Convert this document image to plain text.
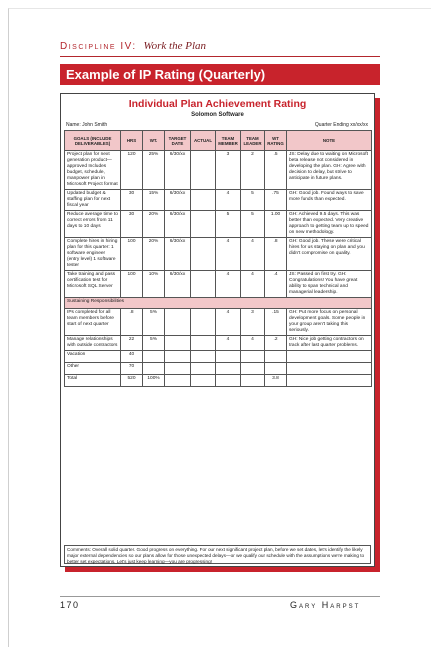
Discipline IV: Work the Plan
Example of IP Rating (Quarterly)
Individual Plan Achievement Rating
Solomon Software
Name: John Smith	Quarter Ending xx/xx/xx
GOALS (INCLUDE DELIVERABLES)	HRS	WT.	TARGET DATE	ACTUAL	TEAM MEMBER	TEAM LEADER	WT RATING	NOTE
Project plan for next generation product—approved Includes budget, schedule, manpower plan in Microsoft Project format	120	25%	6/30/xx		3	2	.5	JS: Delay due to waiting on Microsoft beta release not considered in developing the plan. GH: Agree with decision to delay, but strive to anticipate in future plans.
Updated budget & staffing plan for next fiscal year	30	15%	6/30/xx		4	5	.75	GH: Good job. Found ways to save more funds than expected.
Reduce average time to correct errors from 11 days to 10 days	30	20%	6/30/xx		5	5	1.00	GH: Achieved 9.5 days. This was better than expected. Very creative approach to getting team up to speed on new methodology.
Complete hires in hiring plan for this quarter: 1 software engineer (entry level) 1 software tester	100	20%	6/30/xx		4	4	.8	GH: Good job. These were critical hires for us staying on plan and you didn't compromise on quality.
Take training and pass certification test for Microsoft SQL Server	100	10%	6/30/xx		4	4	.4	JS: Passed on first try. GH: Congratulations! You have great ability to span technical and managerial leadership.
Sustaining Responsibilities								
IPs completed for all team members before start of next quarter	.8	5%			4	3	.15	GH: Put more focus on personal development goals. Some people in your group aren't taking this seriously.
Manage relationships with outside contractors	22	5%			4	4	.2	GH: Nice job getting contractors on track after last quarter problems.
Vacation	40							
Other	70							
Total	520	100%					3.8	
Comments: Overall solid quarter. Good progress on everything. For our next significant project plan, before we set dates, let's identify the likely major external dependencies so our plans allow for those unexpected delays—or we qualify our schedule with the assumptions we're making to better set expectations. Let's just keep learning—you are progressing!
170	Gary Harpst
